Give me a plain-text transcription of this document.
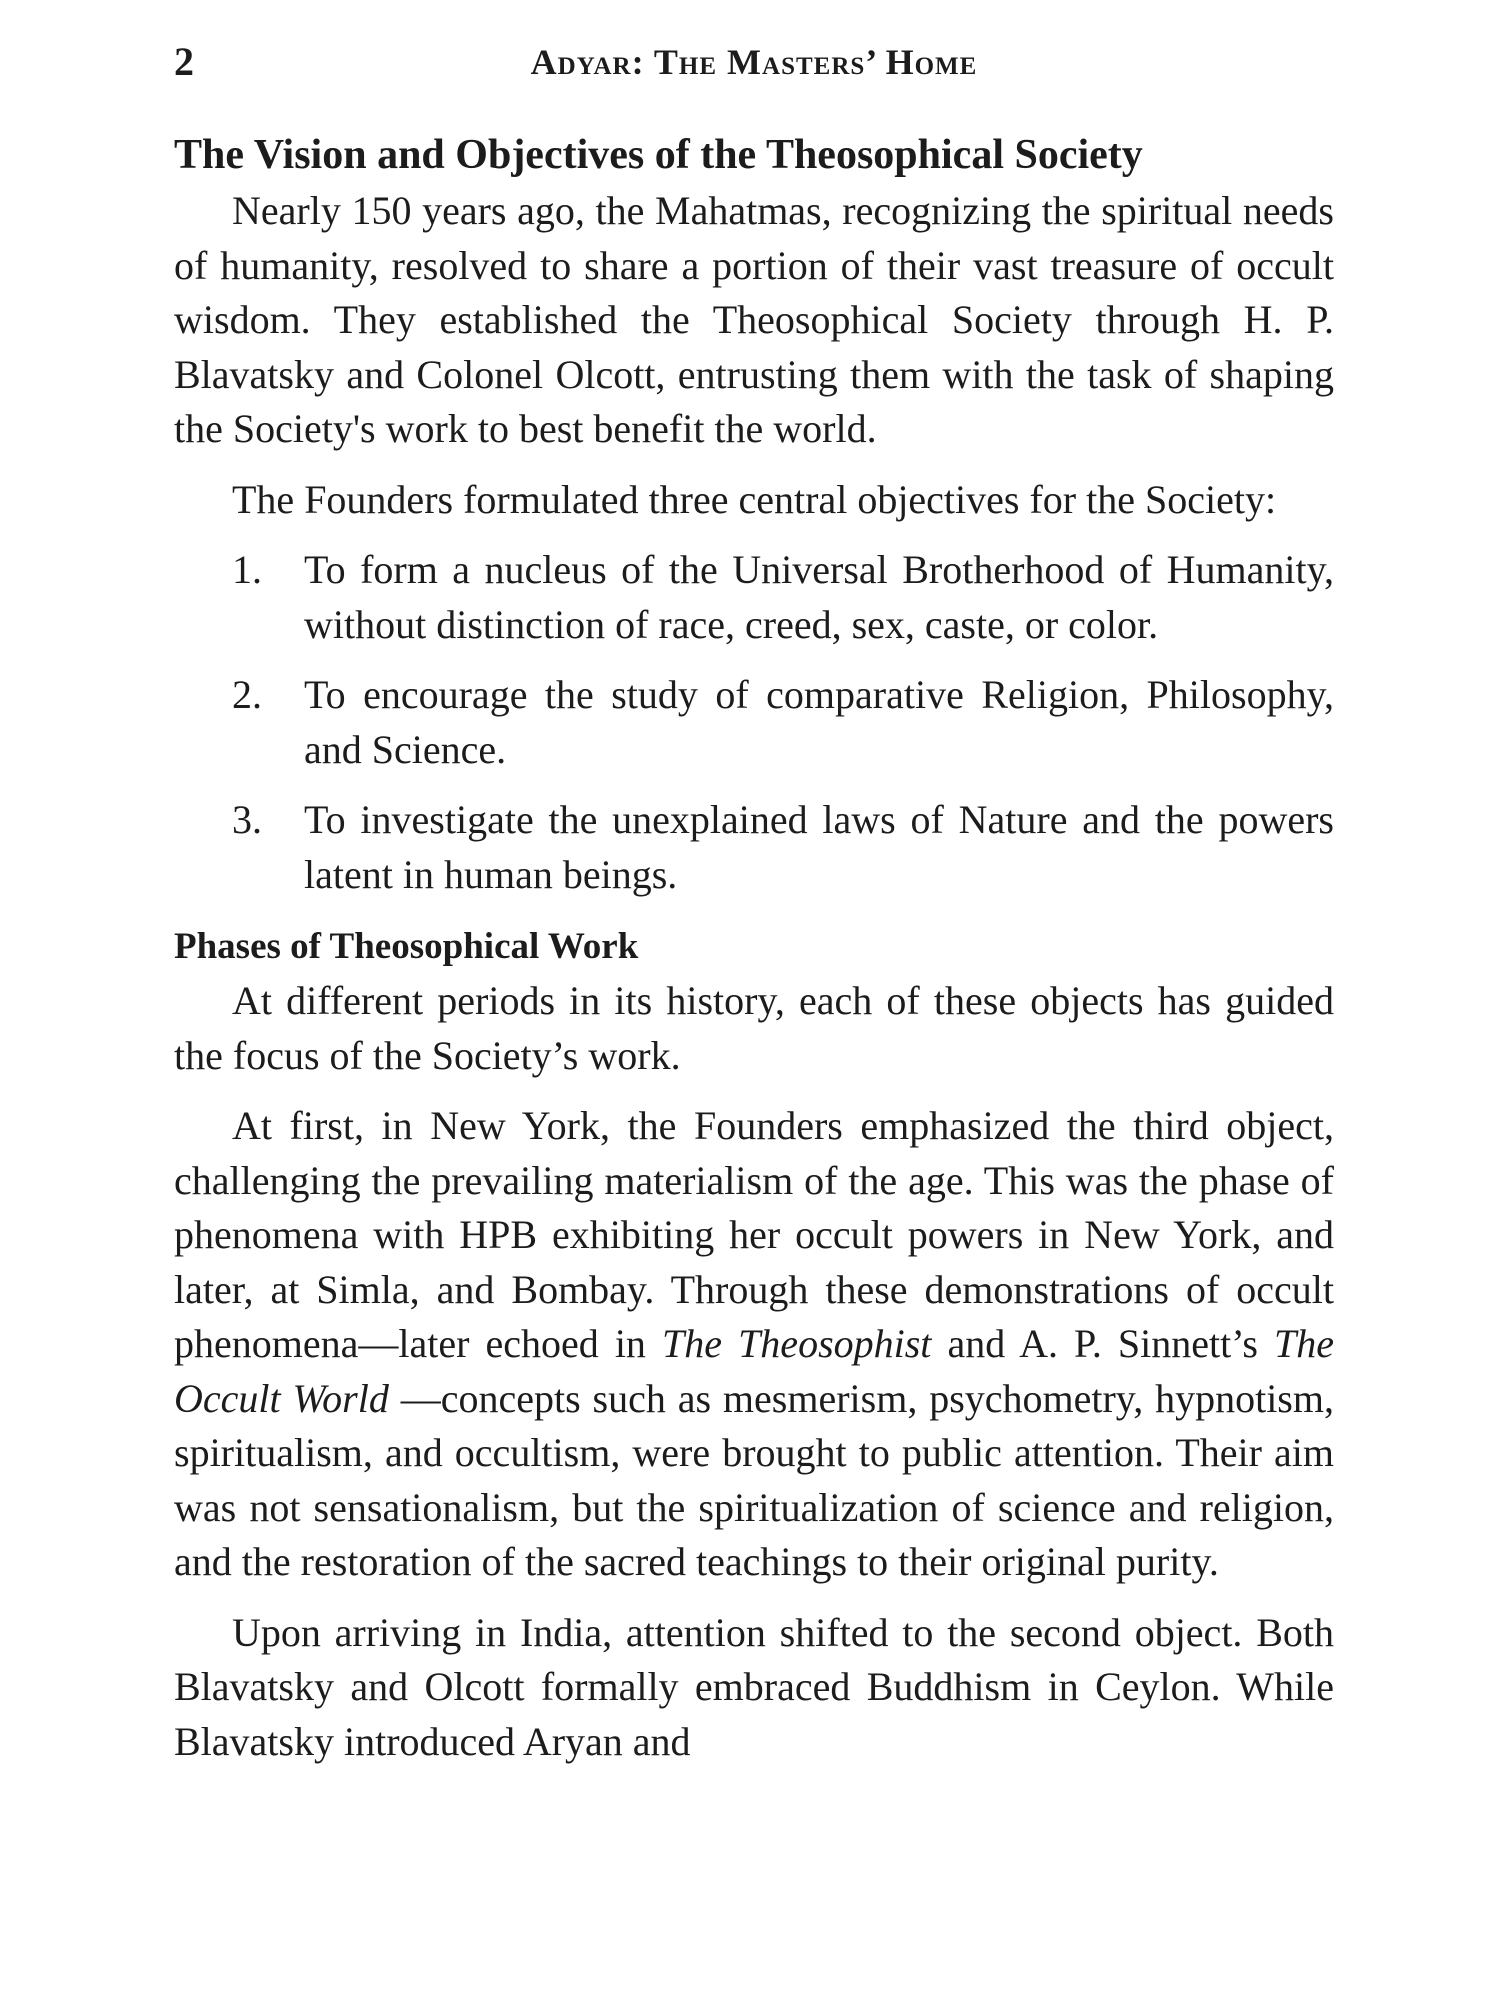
2	Adyar: The Masters’ Home
The Vision and Objectives of the Theosophical Society

Nearly 150 years ago, the Mahatmas, recognizing the spiritual needs of humanity, resolved to share a portion of their vast treasure of occult wisdom. They established the Theosophical Society through H. P. Blavatsky and Colonel Olcott, entrusting them with the task of shaping the Society's work to best benefit the world.

The Founders formulated three central objectives for the Society:

1. To form a nucleus of the Universal Brotherhood of Humanity, without distinction of race, creed, sex, caste, or color.
2. To encourage the study of comparative Religion, Philosophy, and Science.
3. To investigate the unexplained laws of Nature and the powers latent in human beings.
Phases of Theosophical Work

At different periods in its history, each of these objects has guided the focus of the Society’s work.

At first, in New York, the Founders emphasized the third object, challenging the prevailing materialism of the age. This was the phase of phenomena with HPB exhibiting her occult powers in New York, and later, at Simla, and Bombay. Through these demonstrations of occult phenomena—later echoed in The Theosophist and A. P. Sinnett’s The Occult World —concepts such as mesmerism, psychometry, hypnotism, spiritualism, and occultism, were brought to public attention. Their aim was not sensationalism, but the spiritualization of science and religion, and the restoration of the sacred teachings to their original purity.

Upon arriving in India, attention shifted to the second object. Both Blavatsky and Olcott formally embraced Buddhism in Ceylon. While Blavatsky introduced Aryan and
